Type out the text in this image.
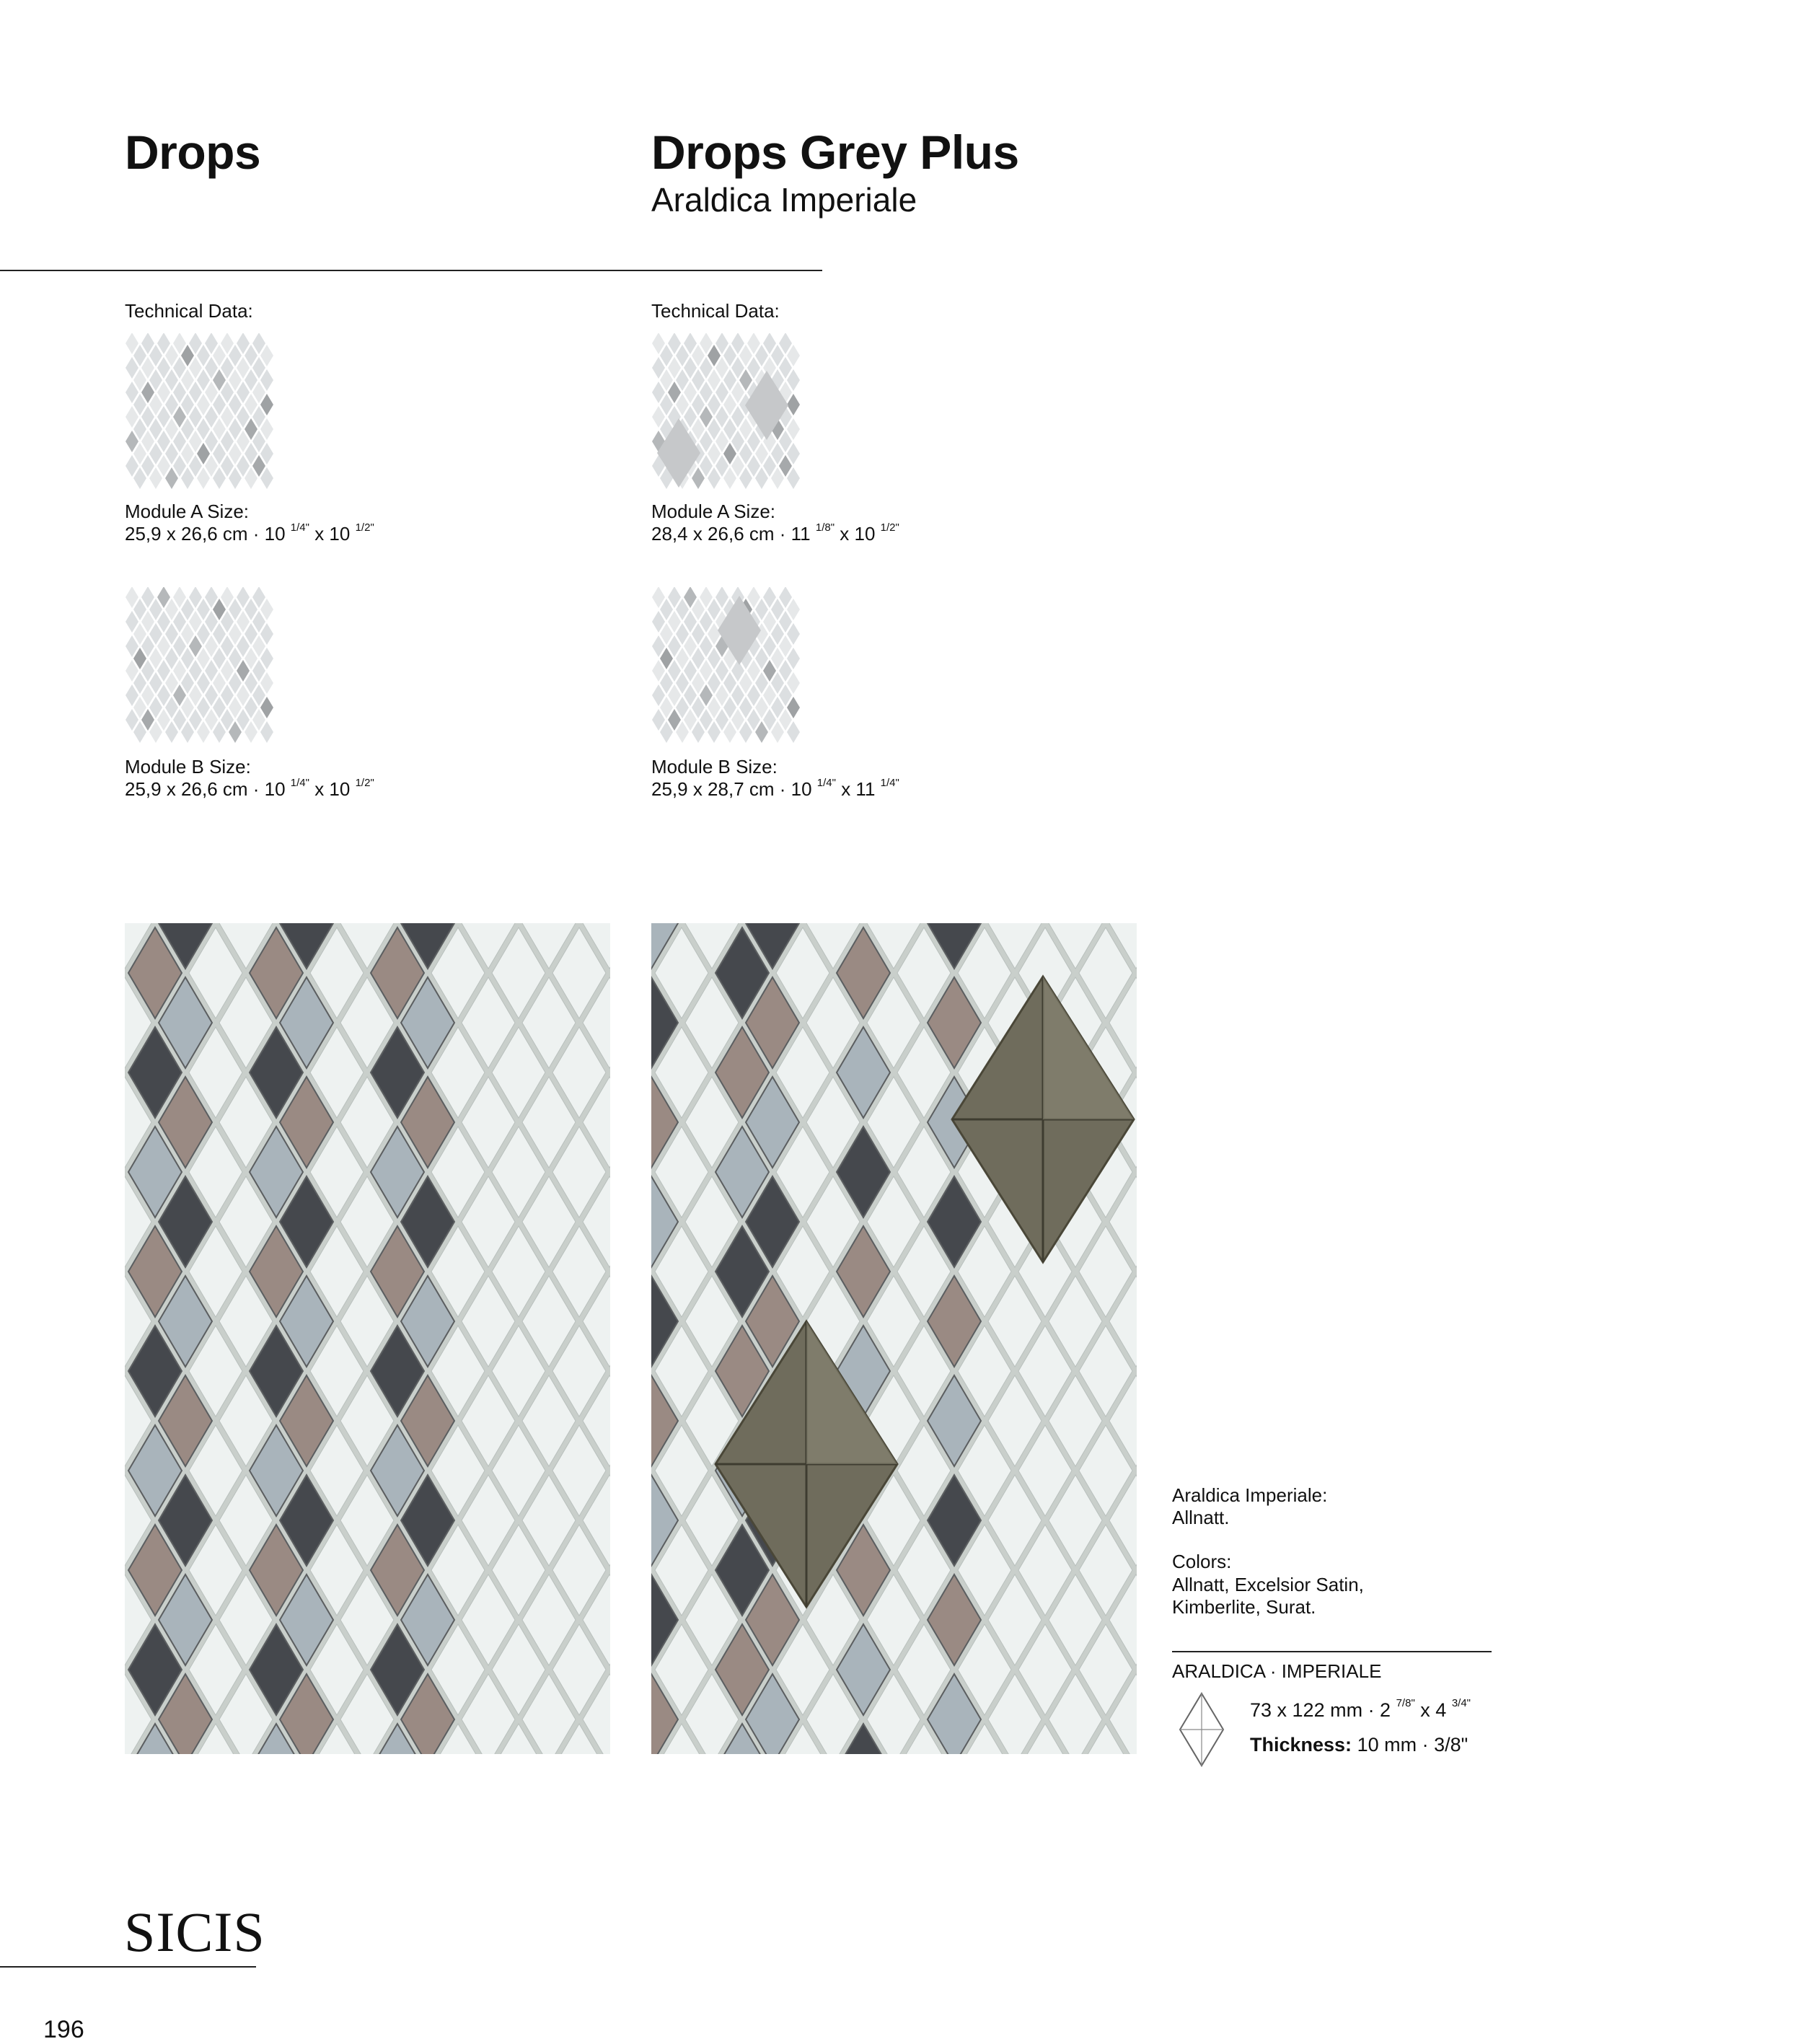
Drops	Drops Grey Plus
Araldica Imperiale
Technical Data:	Technical Data:
Module A Size:
25,9 x 26,6 cm · 10 $^{1/4"}$ x 10 $^{1/2"}$
Module A Size:
28,4 x 26,6 cm · 11 $^{1/8"}$ x 10 $^{1/2"}$
Module B Size:
25,9 x 26,6 cm · 10 $^{1/4"}$ x 10 $^{1/2"}$
Module B Size:
25,9 x 28,7 cm · 10 $^{1/4"}$ x 11 $^{1/4"}$
Araldica Imperiale:
Allnatt.
Colors:
Allnatt, Excelsior Satin,
Kimberlite, Surat.
ARALDICA · IMPERIALE
73 x 122 mm · 2 $^{7/8"}$ x 4 $^{3/4"}$
Thickness: 10 mm · 3/8"
SICIS
196
